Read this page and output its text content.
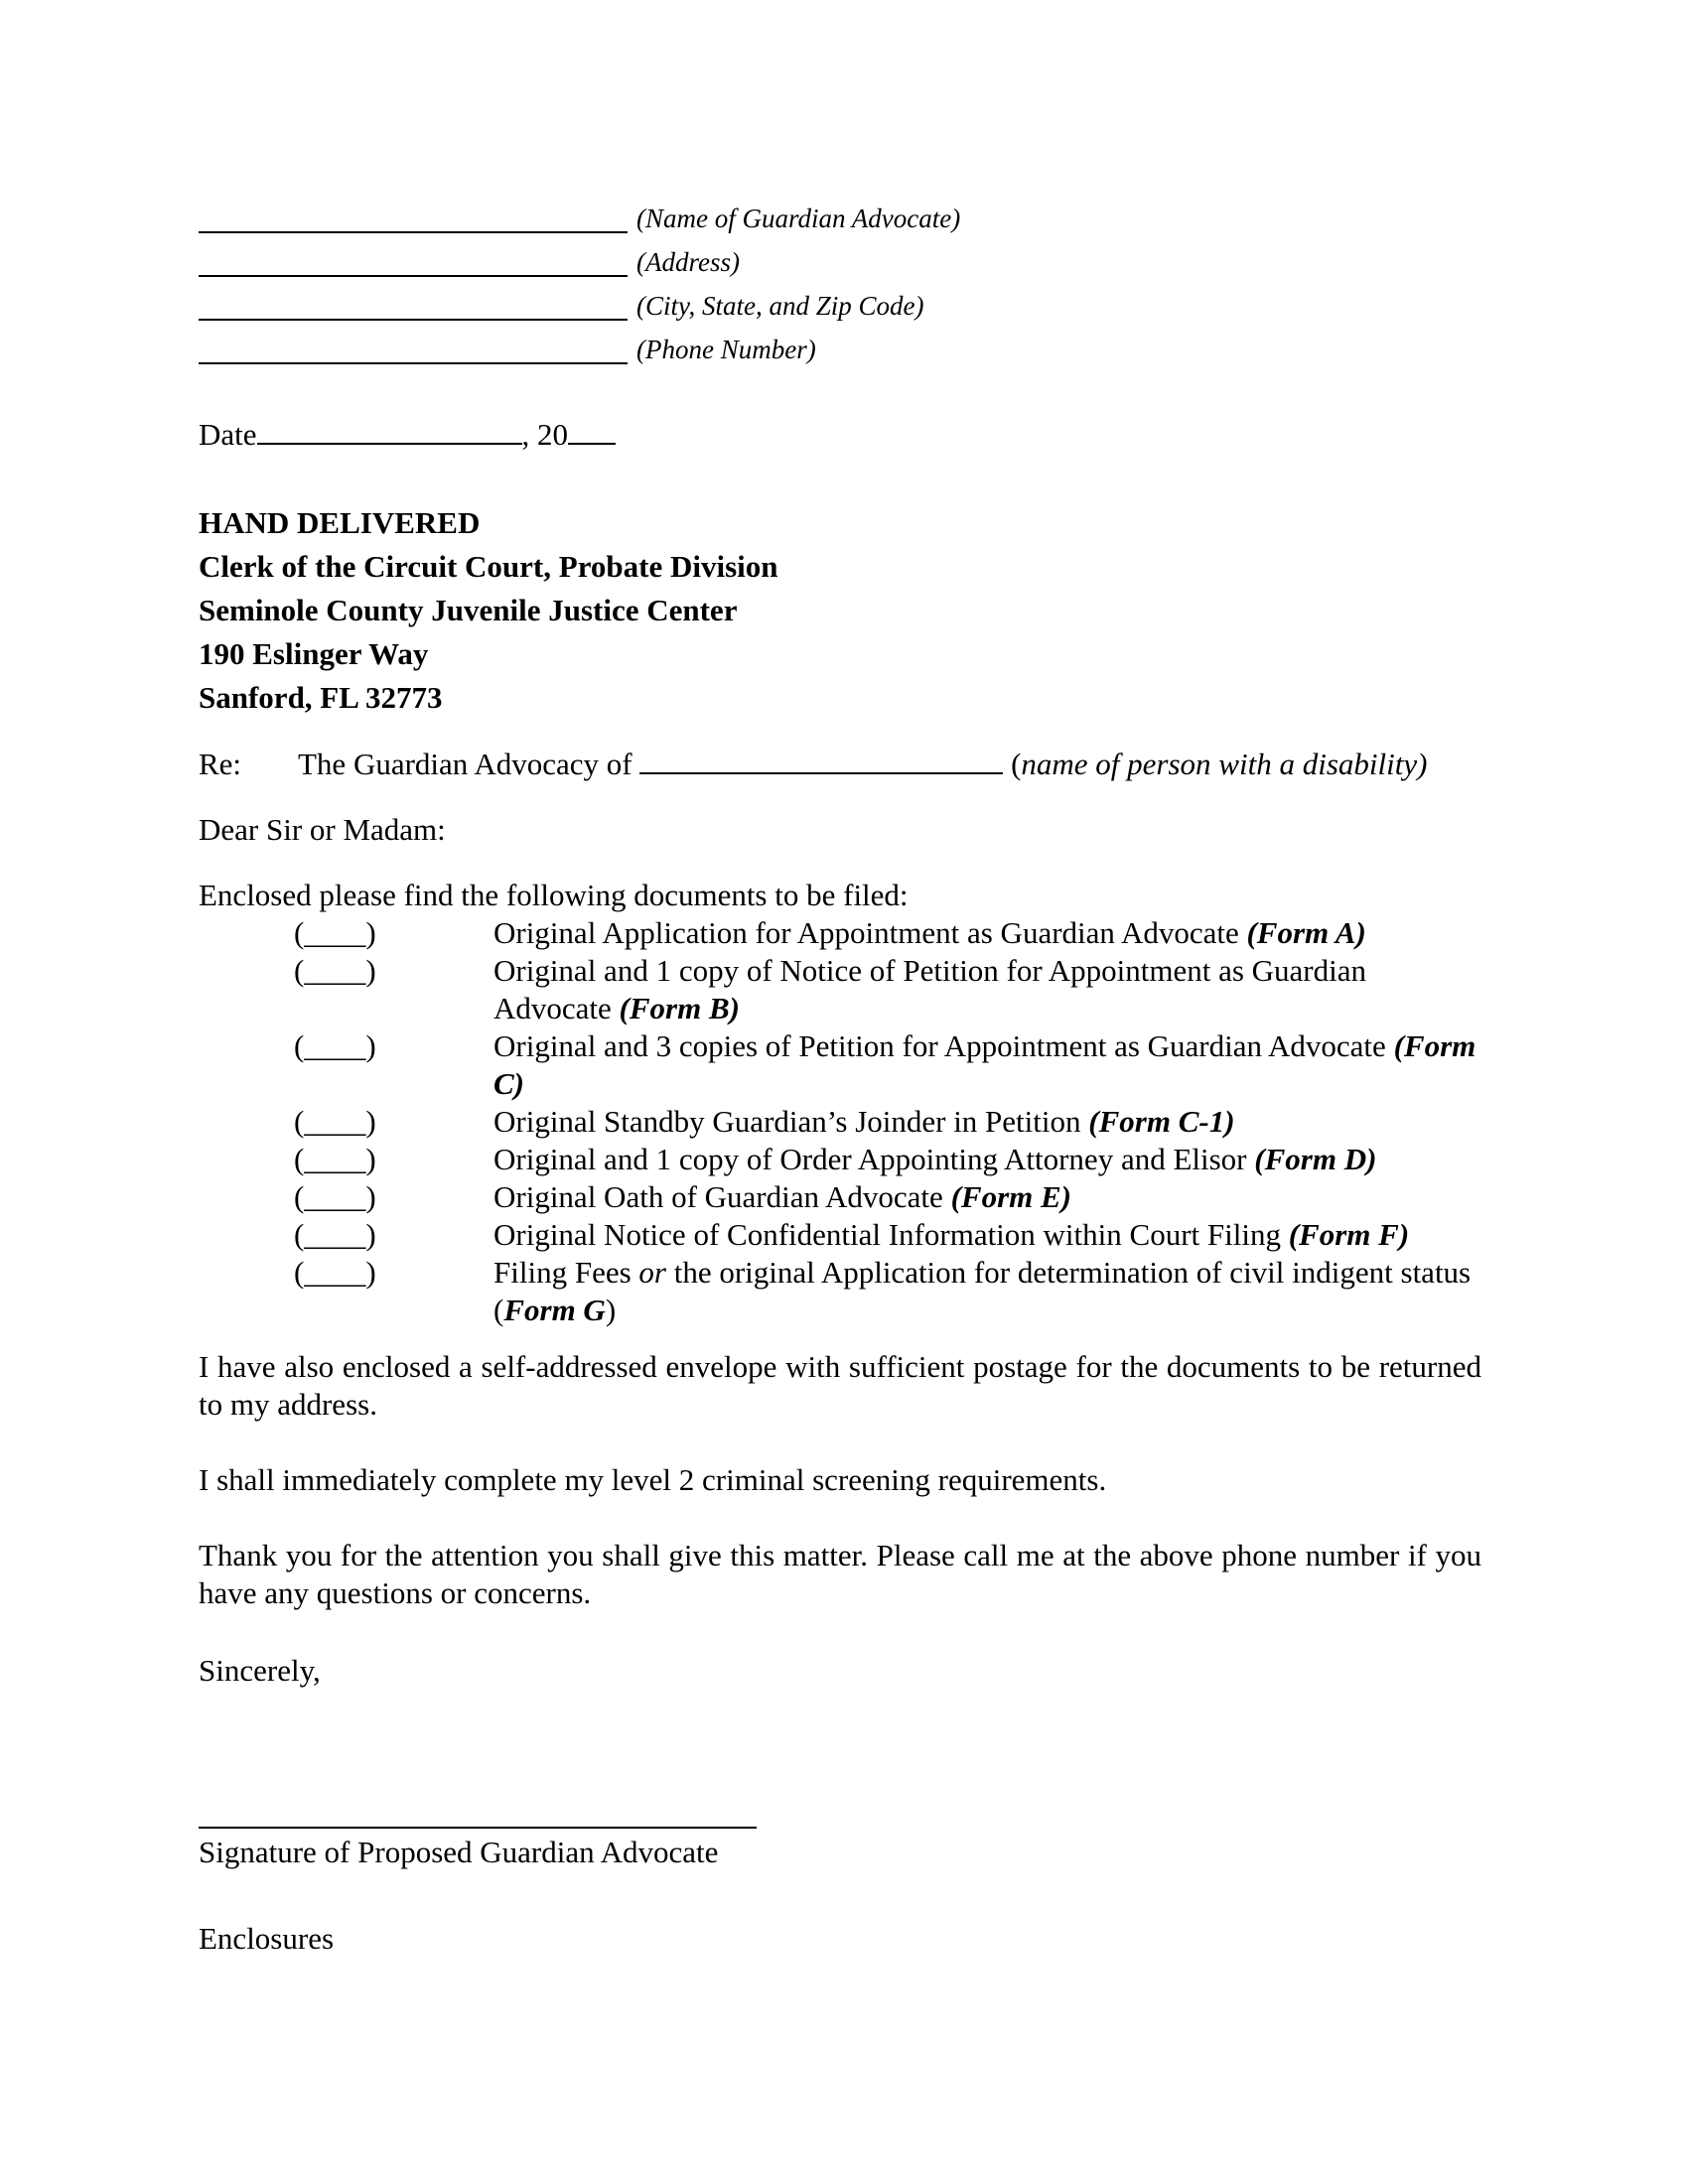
(Name of Guardian Advocate)
(Address)
(City, State, and Zip Code)
(Phone Number)
Date	, 20
HAND DELIVERED
Clerk of the Circuit Court, Probate Division
Seminole County Juvenile Justice Center
190 Eslinger Way
Sanford, FL 32773
Re: The Guardian Advocacy of	(name of person with a disability)
Dear Sir or Madam:
Enclosed please find the following documents to be filed:
(____)	Original Application for Appointment as Guardian Advocate (Form A)
(____)	Original and 1 copy of Notice of Petition for Appointment as Guardian Advocate (Form B)
(____)	Original and 3 copies of Petition for Appointment as Guardian Advocate (Form C)
(____)	Original Standby Guardian’s Joinder in Petition (Form C-1)
(____)	Original and 1 copy of Order Appointing Attorney and Elisor (Form D)
(____)	Original Oath of Guardian Advocate (Form E)
(____)	Original Notice of Confidential Information within Court Filing (Form F)
(____)	Filing Fees or the original Application for determination of civil indigent status (Form G)
I have also enclosed a self-addressed envelope with sufficient postage for the documents to be returned to my address.
I shall immediately complete my level 2 criminal screening requirements.
Thank you for the attention you shall give this matter. Please call me at the above phone number if you have any questions or concerns.
Sincerely,
Signature of Proposed Guardian Advocate
Enclosures
